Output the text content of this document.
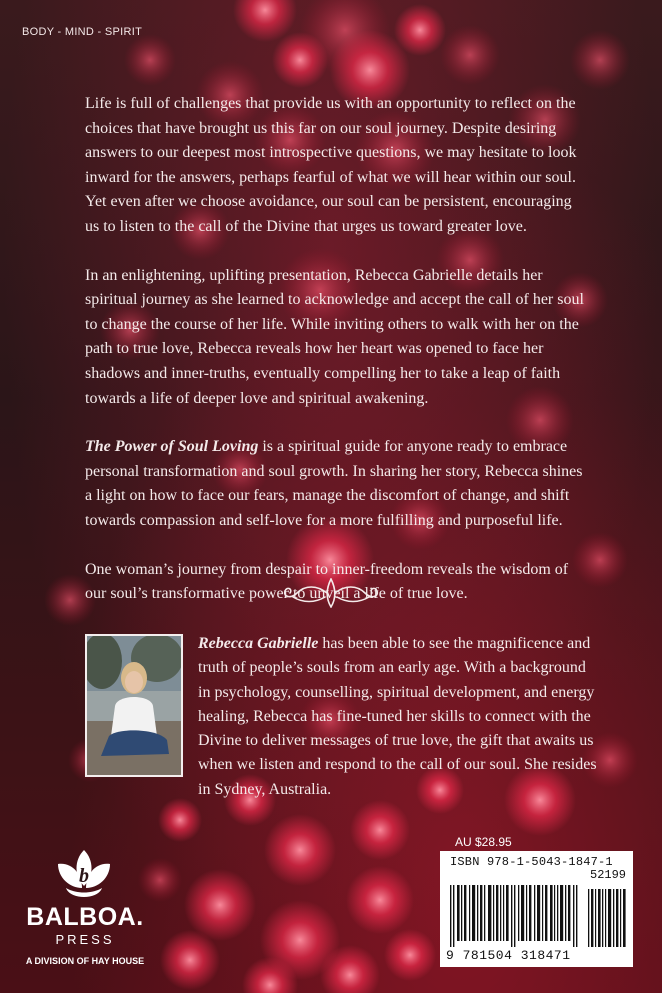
BODY - MIND - SPIRIT

Life is full of challenges that provide us with an opportunity to reflect on the choices that have brought us this far on our soul journey. Despite desiring answers to our deepest most introspective questions, we may hesitate to look inward for the answers, perhaps fearful of what we will hear within our soul. Yet even after we choose avoidance, our soul can be persistent, encouraging us to listen to the call of the Divine that urges us toward greater love.

In an enlightening, uplifting presentation, Rebecca Gabrielle details her spiritual journey as she learned to acknowledge and accept the call of her soul to change the course of her life. While inviting others to walk with her on the path to true love, Rebecca reveals how her heart was opened to face her shadows and inner-truths, eventually compelling her to take a leap of faith towards a life of deeper love and spiritual awakening.

The Power of Soul Loving is a spiritual guide for anyone ready to embrace personal transformation and soul growth. In sharing her story, Rebecca shines a light on how to face our fears, manage the discomfort of change, and shift towards compassion and self-love for a more fulfilling and purposeful life.

One woman’s journey from despair to inner-freedom reveals the wisdom of our soul’s transformative power to unveil a life of true love.

Rebecca Gabrielle has been able to see the magnificence and truth of people’s souls from an early age. With a background in psychology, counselling, spiritual development, and energy healing, Rebecca has fine-tuned her skills to connect with the Divine to deliver messages of true love, the gift that awaits us when we listen and respond to the call of our soul. She resides in Sydney, Australia.

AU $28.95
ISBN 978-1-5043-1847-1
52199
9 781504 318471
b
BALBOA.
PRESS
A DIVISION OF HAY HOUSE
